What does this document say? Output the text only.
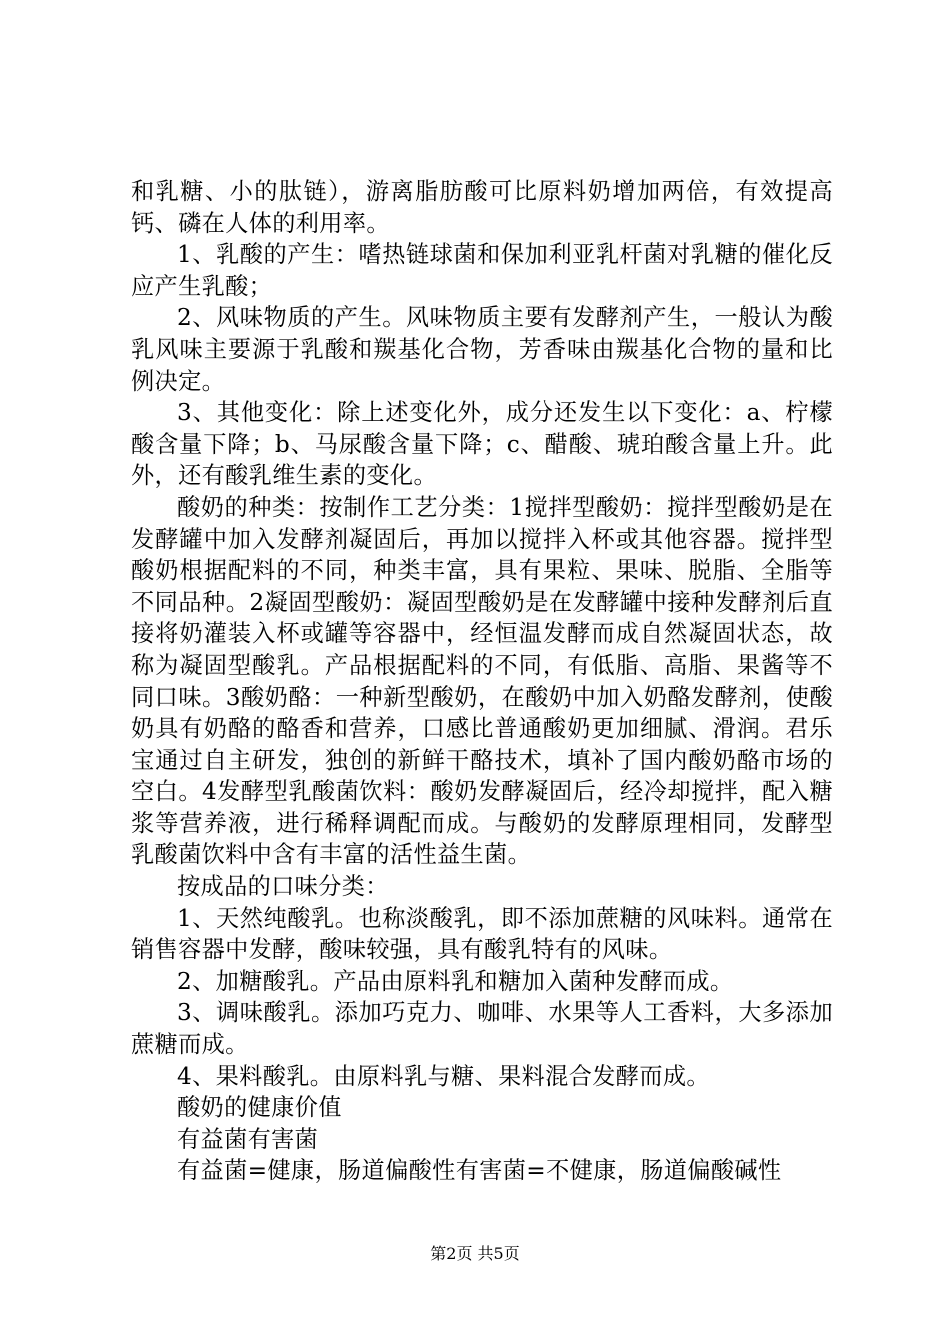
和乳糖、小的肽链），游离脂肪酸可比原料奶增加两倍，有效提高钙、磷在人体的利用率。

1、乳酸的产生：嗜热链球菌和保加利亚乳杆菌对乳糖的催化反应产生乳酸；

2、风味物质的产生。风味物质主要有发酵剂产生，一般认为酸乳风味主要源于乳酸和羰基化合物，芳香味由羰基化合物的量和比例决定。

3、其他变化：除上述变化外，成分还发生以下变化：a、柠檬酸含量下降；b、马尿酸含量下降；c、醋酸、琥珀酸含量上升。此外，还有酸乳维生素的变化。

酸奶的种类：按制作工艺分类：1搅拌型酸奶：搅拌型酸奶是在发酵罐中加入发酵剂凝固后，再加以搅拌入杯或其他容器。搅拌型酸奶根据配料的不同，种类丰富，具有果粒、果味、脱脂、全脂等不同品种。2凝固型酸奶：凝固型酸奶是在发酵罐中接种发酵剂后直接将奶灌装入杯或罐等容器中，经恒温发酵而成自然凝固状态，故称为凝固型酸乳。产品根据配料的不同，有低脂、高脂、果酱等不同口味。3酸奶酪：一种新型酸奶，在酸奶中加入奶酪发酵剂，使酸奶具有奶酪的酪香和营养，口感比普通酸奶更加细腻、滑润。君乐宝通过自主研发，独创的新鲜干酪技术，填补了国内酸奶酪市场的空白。4发酵型乳酸菌饮料：酸奶发酵凝固后，经冷却搅拌，配入糖浆等营养液，进行稀释调配而成。与酸奶的发酵原理相同，发酵型乳酸菌饮料中含有丰富的活性益生菌。

按成品的口味分类：

1、天然纯酸乳。也称淡酸乳，即不添加蔗糖的风味料。通常在销售容器中发酵，酸味较强，具有酸乳特有的风味。

2、加糖酸乳。产品由原料乳和糖加入菌种发酵而成。

3、调味酸乳。添加巧克力、咖啡、水果等人工香料，大多添加蔗糖而成。

4、果料酸乳。由原料乳与糖、果料混合发酵而成。

酸奶的健康价值

有益菌有害菌

有益菌=健康，肠道偏酸性有害菌=不健康，肠道偏酸碱性

第2页 共5页
